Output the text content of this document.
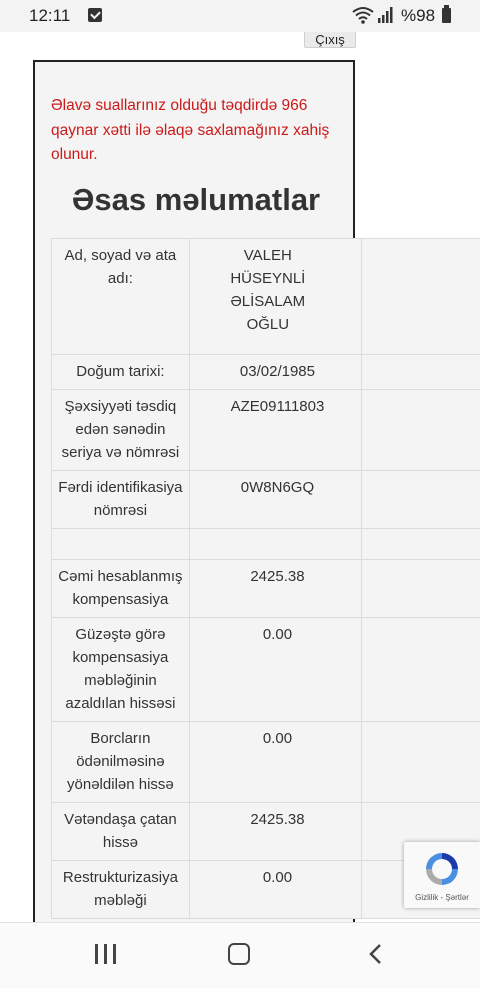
12:11	%98
Çıxış
Əlavə suallarınız olduğu təqdirdə 966 qaynar xətti ilə əlaqə saxlamağınız xahiş olunur.
Əsas məlumatlar
Ad, soyad və ata adı:	VALEH HÜSEYNLİ ƏLİSALAM OĞLU	

Doğum tarixi:	03/02/1985	
Şəxsiyyəti təsdiq edən sənədin seriya və nömrəsi	AZE09111803	
Fərdi identifikasiya nömrəsi	0W8N6GQ	

Cəmi hesablanmış kompensasiya	2425.38	
Güzəştə görə kompensasiya məbləğinin azaldılan hissəsi	0.00	
Borcların ödənilməsinə yönəldilən hissə	0.00	
Vətəndaşa çatan hissə	2425.38	
Restrukturizasiya məbləği	0.00	
Gizlilik - Şərtlər
